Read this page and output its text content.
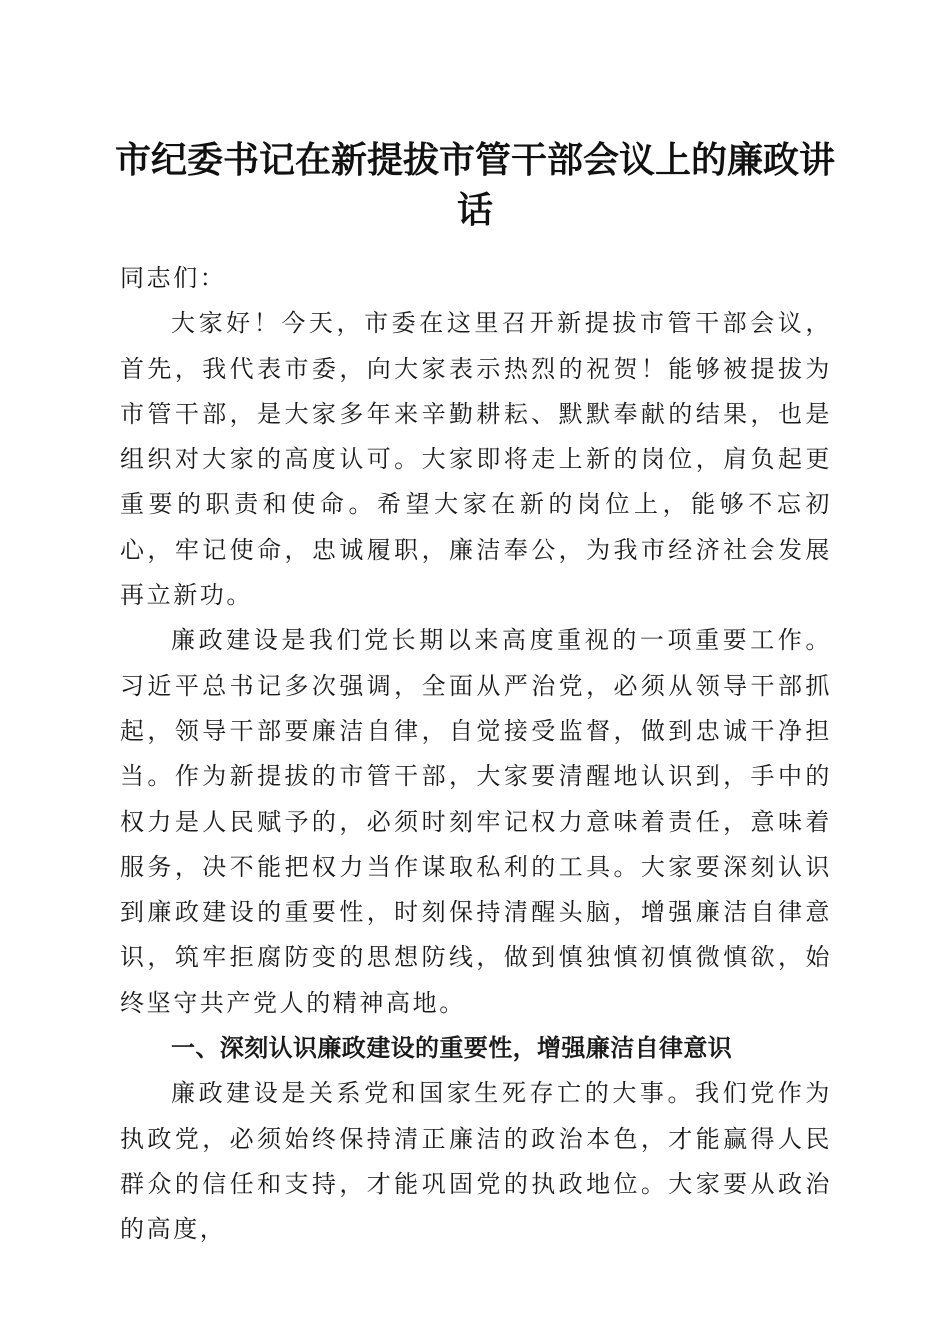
市纪委书记在新提拔市管干部会议上的廉政讲话

同志们：

大家好！今天，市委在这里召开新提拔市管干部会议，首先，我代表市委，向大家表示热烈的祝贺！能够被提拔为市管干部，是大家多年来辛勤耕耘、默默奉献的结果，也是组织对大家的高度认可。大家即将走上新的岗位，肩负起更重要的职责和使命。希望大家在新的岗位上，能够不忘初心，牢记使命，忠诚履职，廉洁奉公，为我市经济社会发展再立新功。

廉政建设是我们党长期以来高度重视的一项重要工作。习近平总书记多次强调，全面从严治党，必须从领导干部抓起，领导干部要廉洁自律，自觉接受监督，做到忠诚干净担当。作为新提拔的市管干部，大家要清醒地认识到，手中的权力是人民赋予的，必须时刻牢记权力意味着责任，意味着服务，决不能把权力当作谋取私利的工具。大家要深刻认识到廉政建设的重要性，时刻保持清醒头脑，增强廉洁自律意识，筑牢拒腐防变的思想防线，做到慎独慎初慎微慎欲，始终坚守共产党人的精神高地。

一、深刻认识廉政建设的重要性，增强廉洁自律意识

廉政建设是关系党和国家生死存亡的大事。我们党作为执政党，必须始终保持清正廉洁的政治本色，才能赢得人民群众的信任和支持，才能巩固党的执政地位。大家要从政治的高度，
